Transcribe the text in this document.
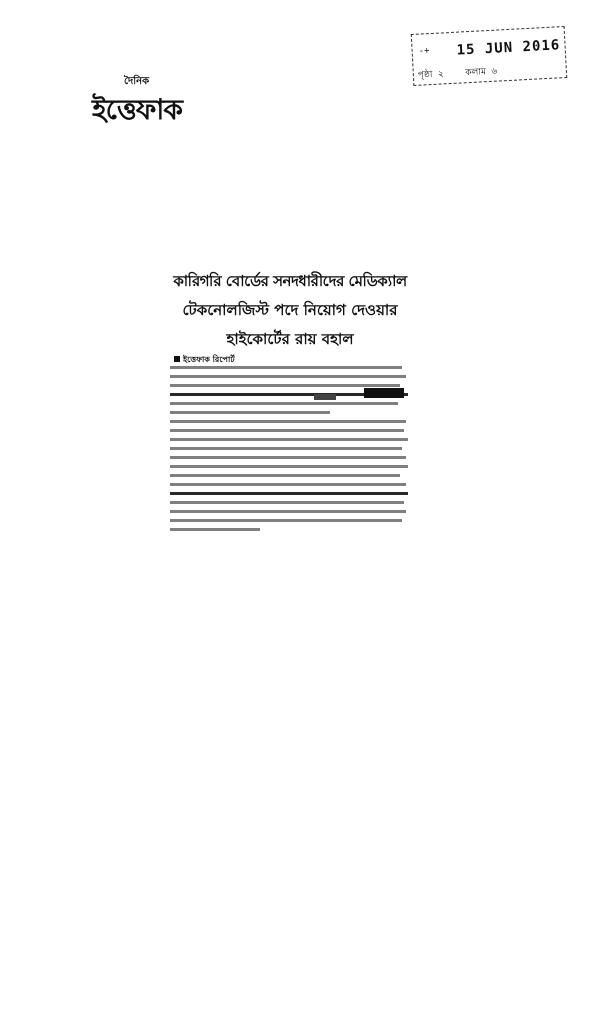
দৈনিক
ইত্তেফাক
-+ 15 JUN 2016
পৃষ্ঠা ২ কলাম ৬
কারিগরি বোর্ডের সনদধারীদের মেডিক্যাল
টেকনোলজিস্ট পদে নিয়োগ দেওয়ার
হাইকোর্টের রায় বহাল
ইত্তেফাক রিপোর্ট
